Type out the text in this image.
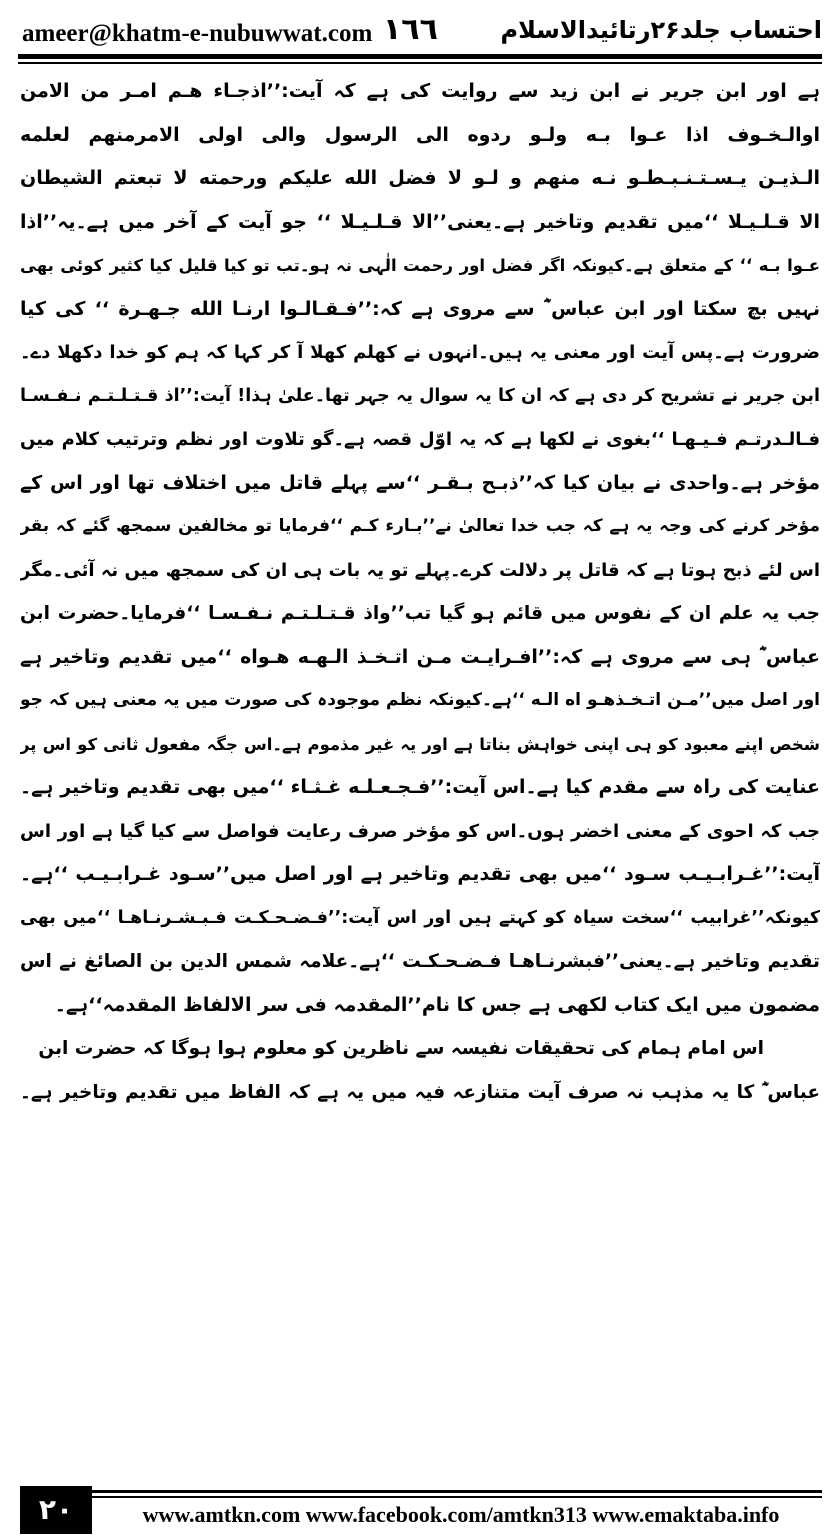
ameer@khatm-e-nubuwwat.com ١٦٦	احتساب جلد۲۶رتائیدالاسلام
ہے اور ابن جریر نے ابن زید سے روایت کی ہے کہ آیت:’’اذجـاء هـم امـر من الامن
اوالـخـوف اذا عـوا بـه ولـو ردوه الی الرسول والی اولی الامرمنهم لعلمه
الـذيـن يـسـتـنـبـطـو نـه منهم و لـو لا فضل الله علیکم ورحمته لا تبعتم الشيطان
الا قـلـيـلا ‘‘میں تقدیم وتاخیر ہے۔یعنی’’الا قـلـيـلا ‘‘ جو آیت کے آخر میں ہے۔یہ’’اذا
عـوا بـه ‘‘ کے متعلق ہے۔کیونکہ اگر فضل اور رحمت الٰہی نہ ہو۔تب تو کیا قلیل کیا کثیر کوئی بھی
نہیں بچ سکتا اور ابن عباس ؓ سے مروی ہے کہ:’’فـقـالـوا ارنـا الله جـهـرة ‘‘ کی کیا
ضرورت ہے۔پس آیت اور معنی یہ ہیں۔انہوں نے کھلم کھلا آ کر کہا کہ ہم کو خدا دکھلا دے۔
ابن جریر نے تشریح کر دی ہے کہ ان کا یہ سوال یہ جہر تھا۔علیٰ ہذا! آیت:’’اذ قـتـلـتـم نـفـسـا
فـالـدرتـم فـيـهـا ‘‘بغوی نے لکھا ہے کہ یہ اوّل قصہ ہے۔گو تلاوت اور نظم وترتیب کلام میں
مؤخر ہے۔واحدی نے بیان کیا کہ’’ذبـح بـقـر ‘‘سے پہلے قاتل میں اختلاف تھا اور اس کے
مؤخر کرنے کی وجہ یہ ہے کہ جب خدا تعالیٰ نے’’بـارء کـم ‘‘فرمایا تو مخالفین سمجھ گئے کہ بقر
اس لئے ذبح ہوتا ہے کہ قاتل پر دلالت کرے۔پہلے تو یہ بات ہی ان کی سمجھ میں نہ آئی۔مگر
جب یہ علم ان کے نفوس میں قائم ہو گیا تب’’واذ قـتـلـتـم نـفـسـا ‘‘فرمایا۔حضرت ابن
عباس ؓ ہی سے مروی ہے کہ:’’افـرايـت مـن اتـخـذ الـهـه هـواه ‘‘میں تقدیم وتاخیر ہے
اور اصل میں’’مـن اتـخـذهـو اه الـه ‘‘ہے۔کیونکہ نظم موجودہ کی صورت میں یہ معنی ہیں کہ جو
شخص اپنے معبود کو ہی اپنی خواہش بناتا ہے اور یہ غیر مذموم ہے۔اس جگہ مفعول ثانی کو اس پر
عنایت کی راہ سے مقدم کیا ہے۔اس آیت:’’فـجـعـلـه غـثـاء ‘‘میں بھی تقدیم وتاخیر ہے۔
جب کہ احوی کے معنی اخضر ہوں۔اس کو مؤخر صرف رعایت فواصل سے کیا گیا ہے اور اس
آیت:’’غـرابـيـب سـود ‘‘میں بھی تقدیم وتاخیر ہے اور اصل میں’’سـود غـرابـيـب ‘‘ہے۔
کیونکہ’’غرابیب ‘‘سخت سیاہ کو کہتے ہیں اور اس آیت:’’فـضـحـكـت فـبـشـرنـاهـا ‘‘میں بھی
تقدیم وتاخیر ہے۔یعنی’’فبشرنـاهـا فـضـحـكـت ‘‘ہے۔علامہ شمس الدین بن الصائغ نے اس
مضمون میں ایک کتاب لکھی ہے جس کا نام’’المقدمہ فی سر الالفاظ المقدمہ‘‘ہے۔
اس امام ہمام کی تحقیقات نفیسہ سے ناظرین کو معلوم ہوا ہوگا کہ حضرت ابن
عباس ؓ کا یہ مذہب نہ صرف آیت متنازعہ فیہ میں یہ ہے کہ الفاظ میں تقدیم وتاخیر ہے۔
۲۰	www.amtkn.com www.facebook.com/amtkn313 www.emaktaba.info
